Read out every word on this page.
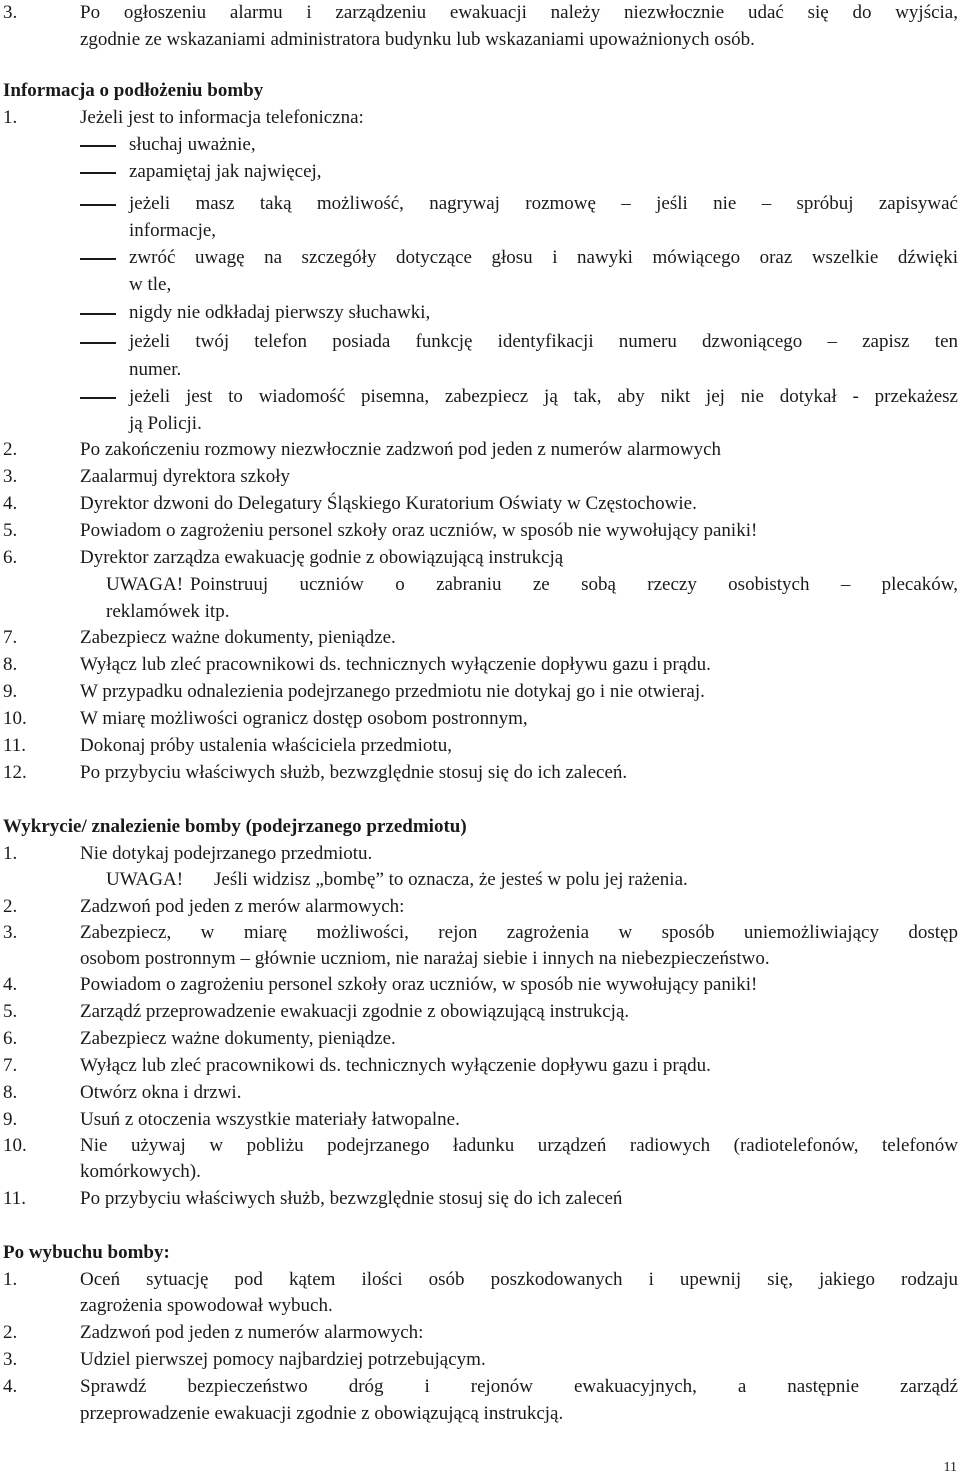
3.	Po ogłoszeniu alarmu i zarządzeniu ewakuacji należy niezwłocznie udać się do wyjścia,
zgodnie ze wskazaniami administratora budynku lub wskazaniami upoważnionych osób.
Informacja o podłożeniu bomby
1.	Jeżeli jest to informacja telefoniczna:
słuchaj uważnie,
zapamiętaj jak najwięcej,
jeżeli masz taką możliwość, nagrywaj rozmowę – jeśli nie – spróbuj zapisywać
informacje,
zwróć uwagę na szczegóły dotyczące głosu i nawyki mówiącego oraz wszelkie dźwięki
w tle,
nigdy nie odkładaj pierwszy słuchawki,
jeżeli twój telefon posiada funkcję identyfikacji numeru dzwoniącego – zapisz ten
numer.
jeżeli jest to wiadomość pisemna, zabezpiecz ją tak, aby nikt jej nie dotykał - przekażesz
ją Policji.
2.	Po zakończeniu rozmowy niezwłocznie zadzwoń pod jeden z numerów alarmowych
3.	Zaalarmuj dyrektora szkoły
4.	Dyrektor dzwoni do Delegatury Śląskiego Kuratorium Oświaty w Częstochowie.
5.	Powiadom o zagrożeniu personel szkoły oraz uczniów, w sposób nie wywołujący paniki!
6.	Dyrektor zarządza ewakuację godnie z obowiązującą instrukcją
UWAGA! Poinstruuj uczniów o zabraniu ze sobą rzeczy osobistych – plecaków,
reklamówek itp.
7.	Zabezpiecz ważne dokumenty, pieniądze.
8.	Wyłącz lub zleć pracownikowi ds. technicznych wyłączenie dopływu gazu i prądu.
9.	W przypadku odnalezienia podejrzanego przedmiotu nie dotykaj go i nie otwieraj.
10.	W miarę możliwości ogranicz dostęp osobom postronnym,
11.	Dokonaj próby ustalenia właściciela przedmiotu,
12.	Po przybyciu właściwych służb, bezwzględnie stosuj się do ich zaleceń.
Wykrycie/ znalezienie bomby (podejrzanego przedmiotu)
1.	Nie dotykaj podejrzanego przedmiotu.
UWAGA! Jeśli widzisz „bombę” to oznacza, że jesteś w polu jej rażenia.
2.	Zadzwoń pod jeden z merów alarmowych:
3.	Zabezpiecz, w miarę możliwości, rejon zagrożenia w sposób uniemożliwiający dostęp
osobom postronnym – głównie uczniom, nie narażaj siebie i innych na niebezpieczeństwo.
4.	Powiadom o zagrożeniu personel szkoły oraz uczniów, w sposób nie wywołujący paniki!
5.	Zarządź przeprowadzenie ewakuacji zgodnie z obowiązującą instrukcją.
6.	Zabezpiecz ważne dokumenty, pieniądze.
7.	Wyłącz lub zleć pracownikowi ds. technicznych wyłączenie dopływu gazu i prądu.
8.	Otwórz okna i drzwi.
9.	Usuń z otoczenia wszystkie materiały łatwopalne.
10.	Nie używaj w pobliżu podejrzanego ładunku urządzeń radiowych (radiotelefonów, telefonów
komórkowych).
11.	Po przybyciu właściwych służb, bezwzględnie stosuj się do ich zaleceń
Po wybuchu bomby:
1.	Oceń sytuację pod kątem ilości osób poszkodowanych i upewnij się, jakiego rodzaju
zagrożenia spowodował wybuch.
2.	Zadzwoń pod jeden z numerów alarmowych:
3.	Udziel pierwszej pomocy najbardziej potrzebującym.
4.	Sprawdź bezpieczeństwo dróg i rejonów ewakuacyjnych, a następnie zarządź
przeprowadzenie ewakuacji zgodnie z obowiązującą instrukcją.
11
